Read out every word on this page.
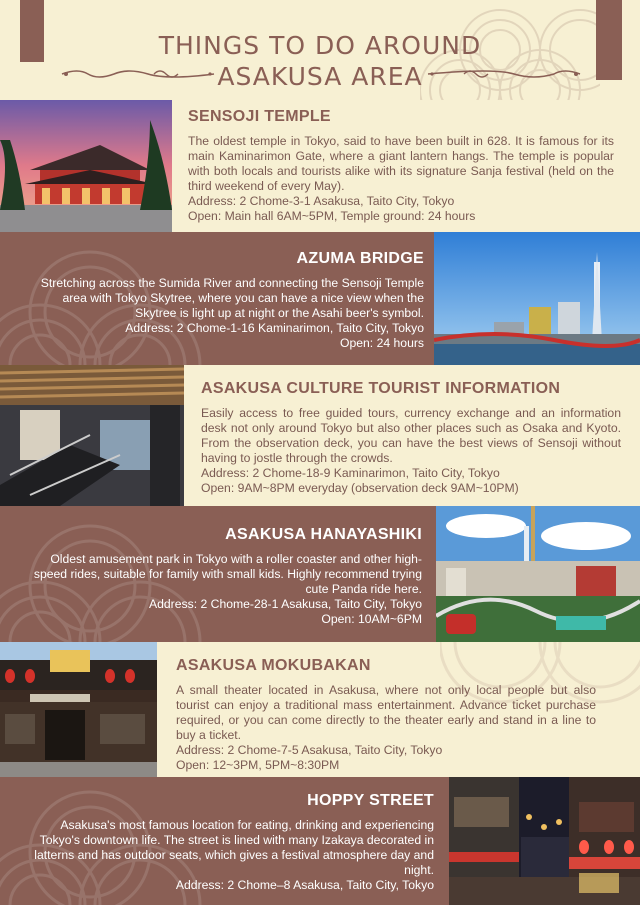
THINGS TO DO AROUND
ASAKUSA AREA
SENSOJI TEMPLE
The oldest temple in Tokyo, said to have been built in 628. It is famous for its main Kaminarimon Gate, where a giant lantern hangs. The temple is popular with both locals and tourists alike with its signature Sanja festival (held on the third weekend of every May).
Address: 2 Chome-3-1 Asakusa, Taito City, Tokyo
Open: Main hall 6AM~5PM, Temple ground: 24 hours
AZUMA BRIDGE
Stretching across the Sumida River and connecting the Sensoji Temple area with Tokyo Skytree, where you can have a nice view when the Skytree is light up at night or the Asahi beer's symbol.
Address: 2 Chome-1-16 Kaminarimon, Taito City, Tokyo
Open: 24 hours
ASAKUSA CULTURE TOURIST INFORMATION
Easily access to free guided tours, currency exchange and an information desk not only around Tokyo but also other places such as Osaka and Kyoto. From the observation deck, you can have the best views of Sensoji without having to jostle through the crowds.
Address: 2 Chome-18-9 Kaminarimon, Taito City, Tokyo
Open: 9AM~8PM everyday (observation deck 9AM~10PM)
ASAKUSA HANAYASHIKI
Oldest amusement park in Tokyo with a roller coaster and other high-speed rides, suitable for family with small kids. Highly recommend trying cute Panda ride here.
Address: 2 Chome-28-1 Asakusa, Taito City, Tokyo
Open: 10AM~6PM
ASAKUSA MOKUBAKAN
A small theater located in Asakusa, where not only local people but also tourist can enjoy a traditional mass entertainment. Advance ticket purchase required, or you can come directly to the theater early and stand in a line to buy a ticket.
Address: 2 Chome-7-5 Asakusa, Taito City, Tokyo
Open: 12~3PM, 5PM~8:30PM
HOPPY STREET
Asakusa's most famous location for eating, drinking and experiencing Tokyo's downtown life. The street is lined with many Izakaya decorated in latterns and has outdoor seats, which gives a festival atmosphere day and night.
Address: 2 Chome–8 Asakusa, Taito City, Tokyo
